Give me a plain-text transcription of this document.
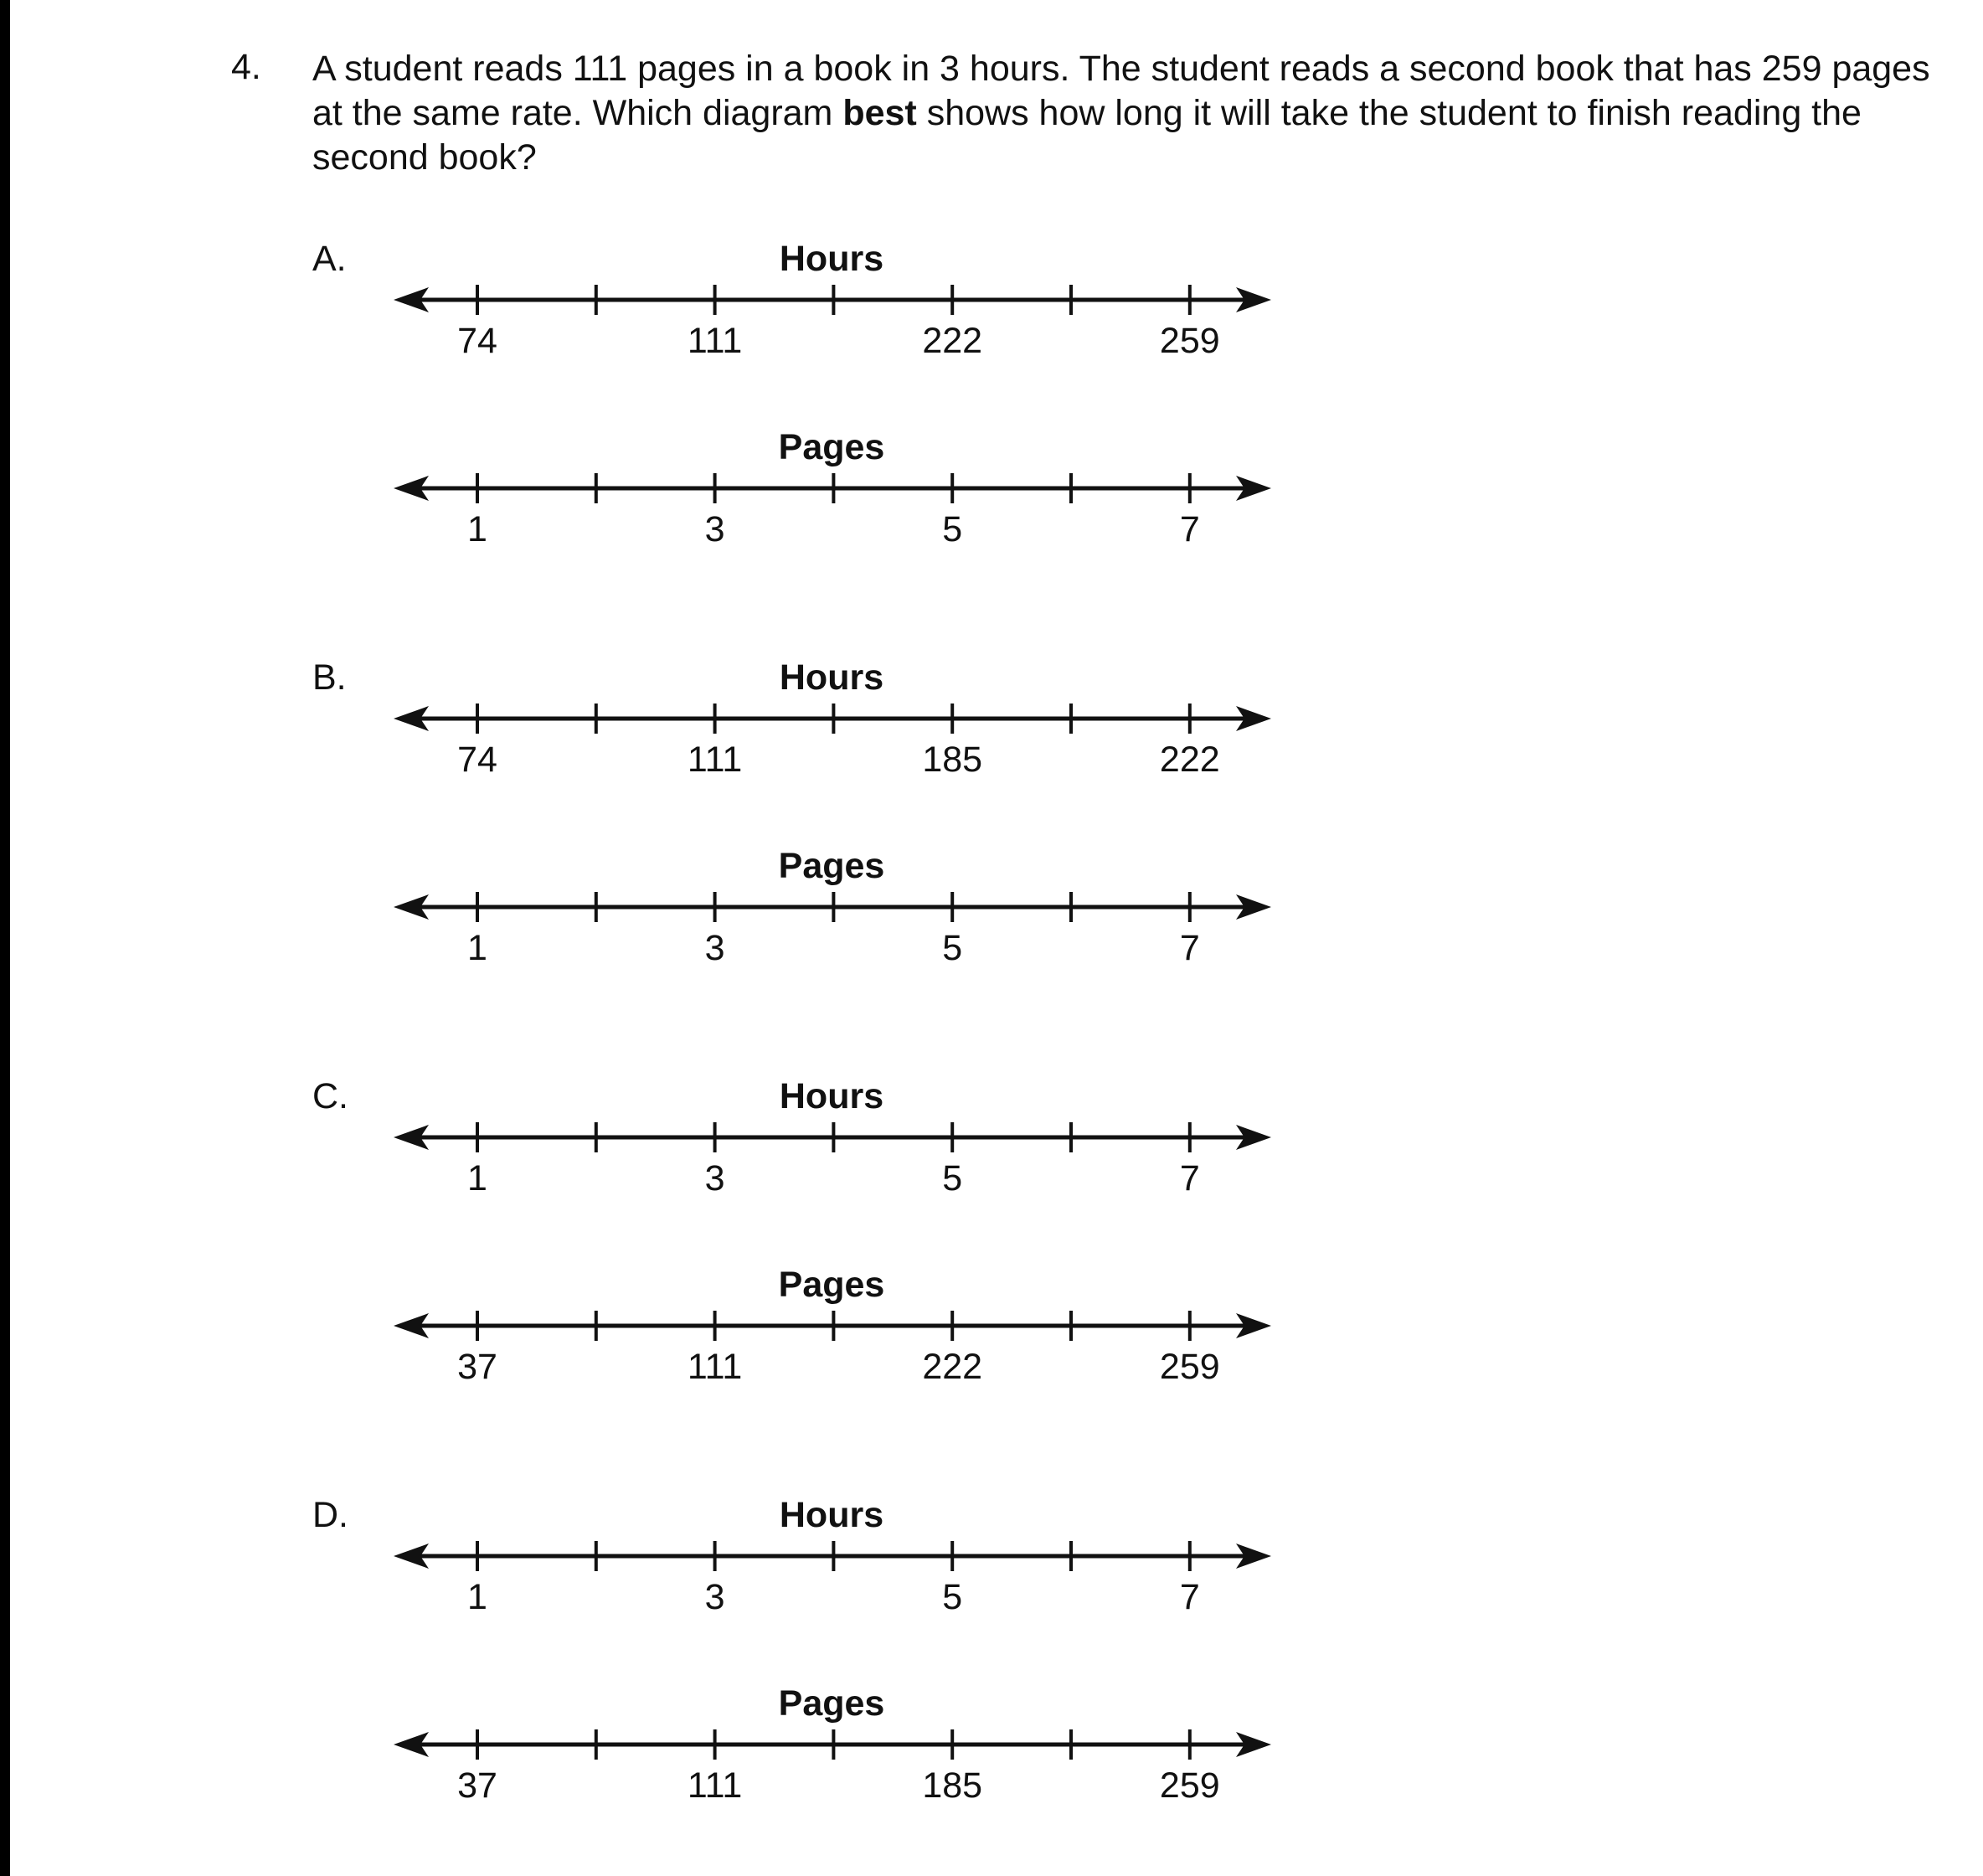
4. A student reads 111 pages in a book in 3 hours. The student reads a second book that has 259 pages at the same rate. Which diagram best shows how long it will take the student to finish reading the second book?
A.	Hours
74	111	222	259
Pages
1	3	5	7
B.	Hours
74	111	185	222
Pages
1	3	5	7
C.	Hours
1	3	5	7
Pages
37	111	222	259
D.	Hours
1	3	5	7
Pages
37	111	185	259
